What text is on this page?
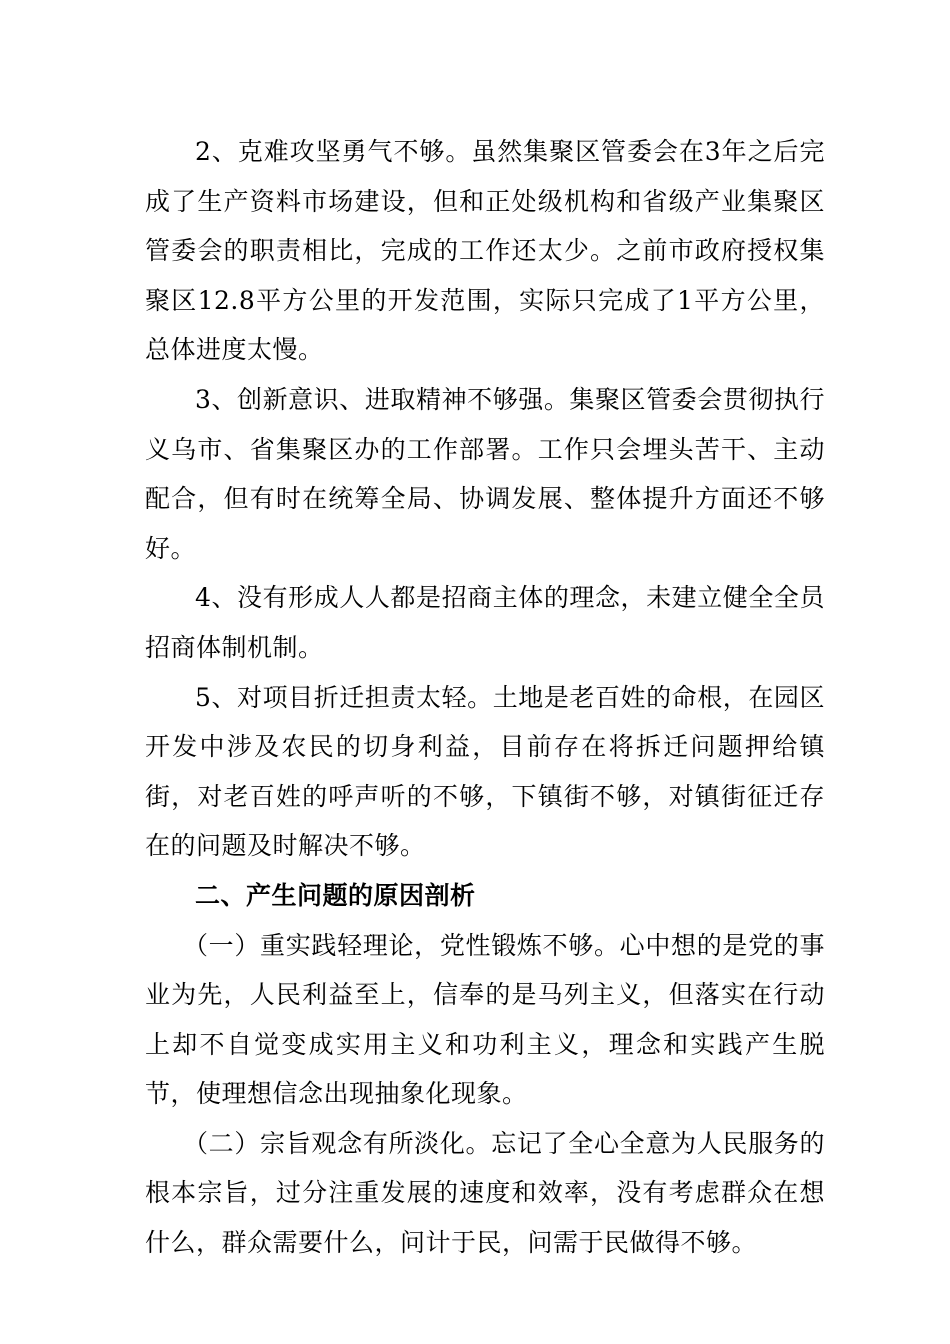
2、克难攻坚勇气不够。虽然集聚区管委会在3年之后完成了生产资料市场建设，但和正处级机构和省级产业集聚区管委会的职责相比，完成的工作还太少。之前市政府授权集聚区12.8平方公里的开发范围，实际只完成了1平方公里，总体进度太慢。

3、创新意识、进取精神不够强。集聚区管委会贯彻执行义乌市、省集聚区办的工作部署。工作只会埋头苦干、主动配合，但有时在统筹全局、协调发展、整体提升方面还不够好。

4、没有形成人人都是招商主体的理念，未建立健全全员招商体制机制。

5、对项目折迁担责太轻。土地是老百姓的命根，在园区开发中涉及农民的切身利益，目前存在将拆迁问题押给镇街，对老百姓的呼声听的不够，下镇街不够，对镇街征迁存在的问题及时解决不够。

二、产生问题的原因剖析

（一）重实践轻理论，党性锻炼不够。心中想的是党的事业为先，人民利益至上，信奉的是马列主义，但落实在行动上却不自觉变成实用主义和功利主义，理念和实践产生脱节，使理想信念出现抽象化现象。

（二）宗旨观念有所淡化。忘记了全心全意为人民服务的根本宗旨，过分注重发展的速度和效率，没有考虑群众在想什么，群众需要什么，问计于民，问需于民做得不够。
